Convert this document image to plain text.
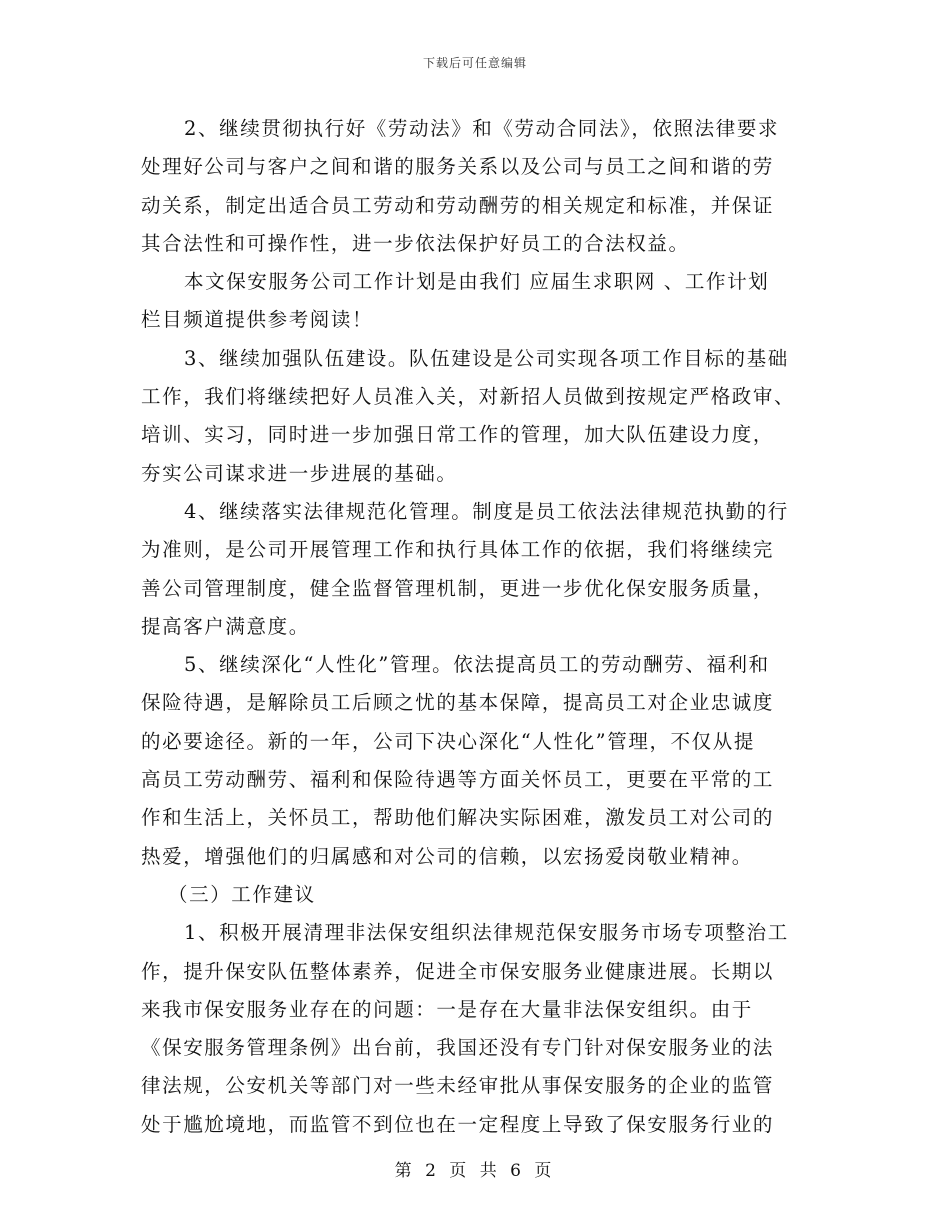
下载后可任意编辑
2、继续贯彻执行好《劳动法》和《劳动合同法》，依照法律要求
处理好公司与客户之间和谐的服务关系以及公司与员工之间和谐的劳
动关系，制定出适合员工劳动和劳动酬劳的相关规定和标准，并保证
其合法性和可操作性，进一步依法保护好员工的合法权益。
本文保安服务公司工作计划是由我们 应届生求职网 、工作计划
栏目频道提供参考阅读！
3、继续加强队伍建设。队伍建设是公司实现各项工作目标的基础
工作，我们将继续把好人员准入关，对新招人员做到按规定严格政审、
培训、实习，同时进一步加强日常工作的管理，加大队伍建设力度，
夯实公司谋求进一步进展的基础。
4、继续落实法律规范化管理。制度是员工依法法律规范执勤的行
为准则，是公司开展管理工作和执行具体工作的依据，我们将继续完
善公司管理制度，健全监督管理机制，更进一步优化保安服务质量，
提高客户满意度。
5、继续深化“人性化”管理。依法提高员工的劳动酬劳、福利和
保险待遇，是解除员工后顾之忧的基本保障，提高员工对企业忠诚度
的必要途径。新的一年，公司下决心深化“人性化”管理，不仅从提
高员工劳动酬劳、福利和保险待遇等方面关怀员工，更要在平常的工
作和生活上，关怀员工，帮助他们解决实际困难，激发员工对公司的
热爱，增强他们的归属感和对公司的信赖，以宏扬爱岗敬业精神。
（三）工作建议
1、积极开展清理非法保安组织法律规范保安服务市场专项整治工
作，提升保安队伍整体素养，促进全市保安服务业健康进展。长期以
来我市保安服务业存在的问题：一是存在大量非法保安组织。由于
《保安服务管理条例》出台前，我国还没有专门针对保安服务业的法
律法规，公安机关等部门对一些未经审批从事保安服务的企业的监管
处于尴尬境地，而监管不到位也在一定程度上导致了保安服务行业的
第 2 页 共 6 页
